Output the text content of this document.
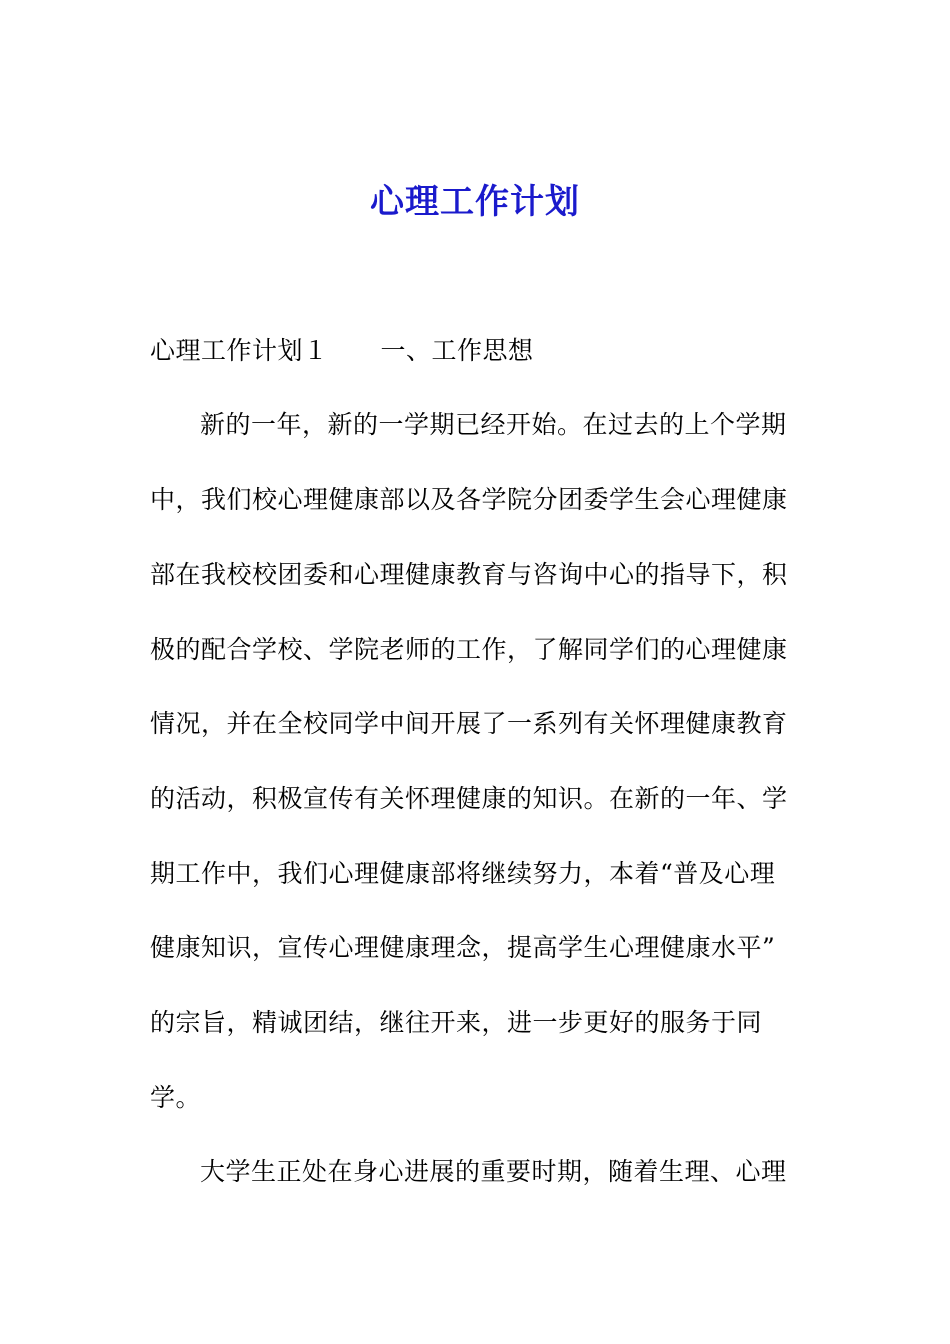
心理工作计划
心理工作计划１ 一、工作思想
新的一年，新的一学期已经开始。在过去的上个学期
中，我们校心理健康部以及各学院分团委学生会心理健康
部在我校校团委和心理健康教育与咨询中心的指导下，积
极的配合学校、学院老师的工作，了解同学们的心理健康
情况，并在全校同学中间开展了一系列有关怀理健康教育
的活动，积极宣传有关怀理健康的知识。在新的一年、学
期工作中，我们心理健康部将继续努力，本着“普及心理
健康知识，宣传心理健康理念，提高学生心理健康水平”
的宗旨，精诚团结，继往开来，进一步更好的服务于同
学。
大学生正处在身心进展的重要时期，随着生理、心理
